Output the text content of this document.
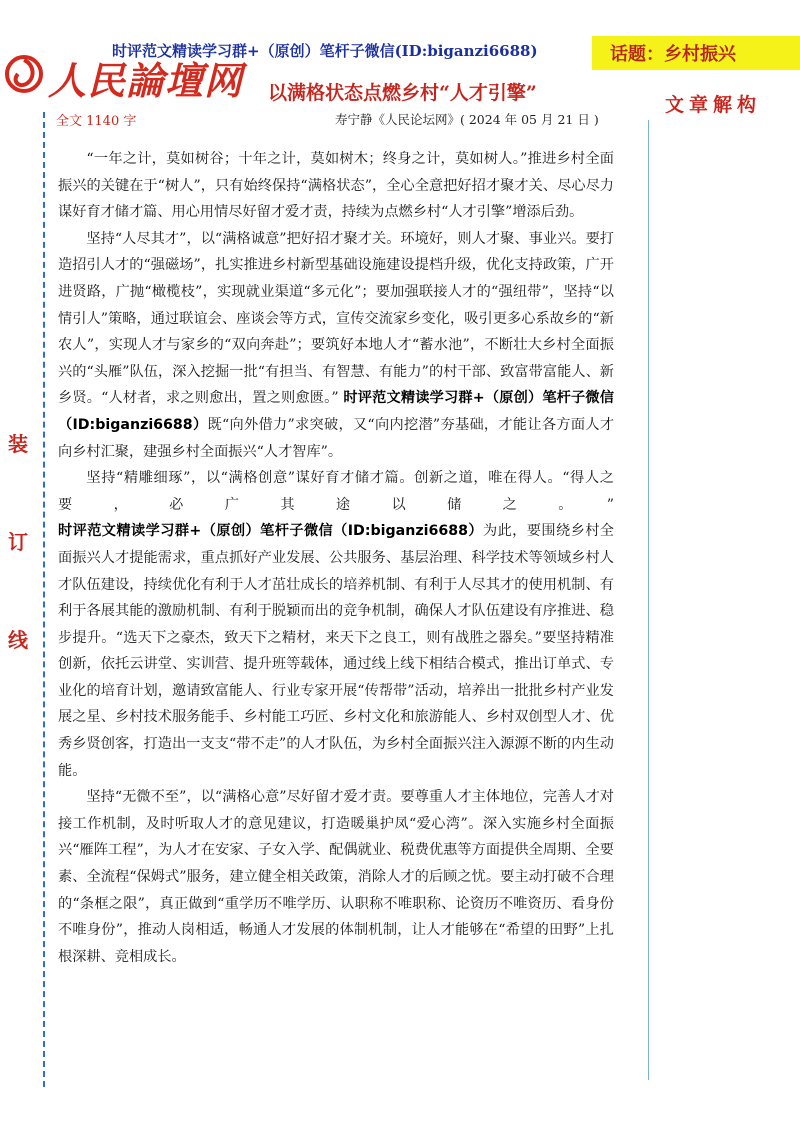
人民論壇网
时评范文精读学习群+（原创）笔杆子微信(ID:biganzi6688)	话题：乡村振兴
以满格状态点燃乡村“人才引擎”
文章解构
全文 1140 字	寿宁静《人民论坛网》( 2024 年 05 月 21 日 )
装
订
线

“一年之计，莫如树谷；十年之计，莫如树木；终身之计，莫如树人。”推进乡村全面振兴的关键在于“树人”，只有始终保持“满格状态”，全心全意把好招才聚才关、尽心尽力谋好育才储才篇、用心用情尽好留才爱才责，持续为点燃乡村“人才引擎”增添后劲。

坚持“人尽其才”，以“满格诚意”把好招才聚才关。环境好，则人才聚、事业兴。要打造招引人才的“强磁场”，扎实推进乡村新型基础设施建设提档升级，优化支持政策，广开进贤路，广抛“橄榄枝”，实现就业渠道“多元化”；要加强联接人才的“强纽带”，坚持“以情引人”策略，通过联谊会、座谈会等方式，宣传交流家乡变化，吸引更多心系故乡的“新农人”，实现人才与家乡的“双向奔赴”；要筑好本地人才“蓄水池”，不断壮大乡村全面振兴的“头雁”队伍，深入挖掘一批“有担当、有智慧、有能力”的村干部、致富带富能人、新乡贤。“人材者，求之则愈出，置之则愈匮。” 时评范文精读学习群+（原创）笔杆子微信（ID:biganzi6688）既“向外借力”求突破，又“向内挖潜”夯基础，才能让各方面人才向乡村汇聚，建强乡村全面振兴“人才智库”。

坚持“精雕细琢”，以“满格创意”谋好育才储才篇。创新之道，唯在得人。“得人之要，必广其途以储之。” 时评范文精读学习群+（原创）笔杆子微信（ID:biganzi6688）为此，要围绕乡村全面振兴人才提能需求，重点抓好产业发展、公共服务、基层治理、科学技术等领域乡村人才队伍建设，持续优化有利于人才茁壮成长的培养机制、有利于人尽其才的使用机制、有利于各展其能的激励机制、有利于脱颖而出的竞争机制，确保人才队伍建设有序推进、稳步提升。“选天下之豪杰，致天下之精材，来天下之良工，则有战胜之器矣。”要坚持精准创新，依托云讲堂、实训营、提升班等载体，通过线上线下相结合模式，推出订单式、专业化的培育计划，邀请致富能人、行业专家开展“传帮带”活动，培养出一批批乡村产业发展之星、乡村技术服务能手、乡村能工巧匠、乡村文化和旅游能人、乡村双创型人才、优秀乡贤创客，打造出一支支“带不走”的人才队伍，为乡村全面振兴注入源源不断的内生动能。

坚持“无微不至”，以“满格心意”尽好留才爱才责。要尊重人才主体地位，完善人才对接工作机制，及时听取人才的意见建议，打造暖巢护凤“爱心湾”。深入实施乡村全面振兴“雁阵工程”，为人才在安家、子女入学、配偶就业、税费优惠等方面提供全周期、全要素、全流程“保姆式”服务，建立健全相关政策，消除人才的后顾之忧。要主动打破不合理的“条框之限”，真正做到“重学历不唯学历、认职称不唯职称、论资历不唯资历、看身份不唯身份”，推动人岗相适，畅通人才发展的体制机制，让人才能够在“希望的田野”上扎根深耕、竞相成长。
